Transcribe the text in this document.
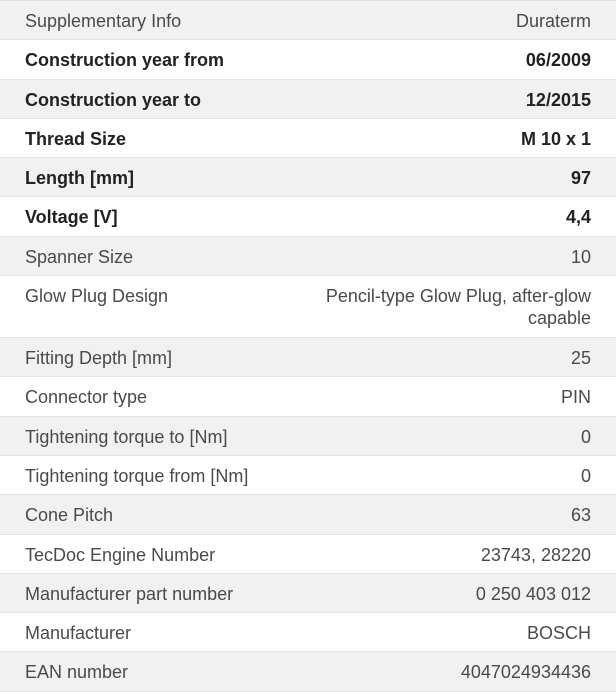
Supplementary Info	Duraterm
Construction year from	06/2009
Construction year to	12/2015
Thread Size	M 10 x 1
Length [mm]	97
Voltage [V]	4,4
Spanner Size	10
Glow Plug Design	Pencil-type Glow Plug, after-glow capable
Fitting Depth [mm]	25
Connector type	PIN
Tightening torque to [Nm]	0
Tightening torque from [Nm]	0
Cone Pitch	63
TecDoc Engine Number	23743, 28220
Manufacturer part number	0 250 403 012
Manufacturer	BOSCH
EAN number	4047024934436
